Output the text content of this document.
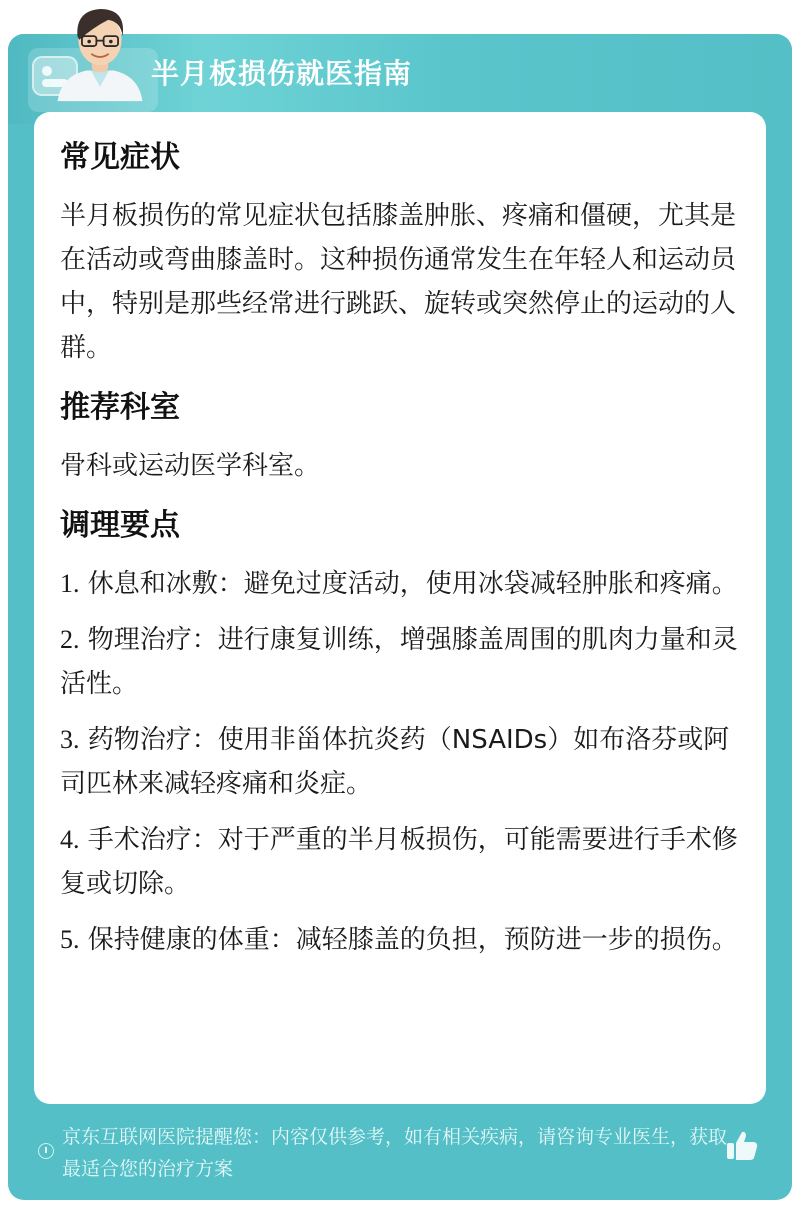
半月板损伤就医指南
常见症状
半月板损伤的常见症状包括膝盖肿胀、疼痛和僵硬，尤其是在活动或弯曲膝盖时。这种损伤通常发生在年轻人和运动员中，特别是那些经常进行跳跃、旋转或突然停止的运动的人群。
推荐科室
骨科或运动医学科室。
调理要点
1. 休息和冰敷：避免过度活动，使用冰袋减轻肿胀和疼痛。
2. 物理治疗：进行康复训练，增强膝盖周围的肌肉力量和灵活性。
3. 药物治疗：使用非甾体抗炎药（NSAIDs）如布洛芬或阿司匹林来减轻疼痛和炎症。
4. 手术治疗：对于严重的半月板损伤，可能需要进行手术修复或切除。
5. 保持健康的体重：减轻膝盖的负担，预防进一步的损伤。
京东互联网医院提醒您：内容仅供参考，如有相关疾病，请咨询专业医生，获取最适合您的治疗方案
